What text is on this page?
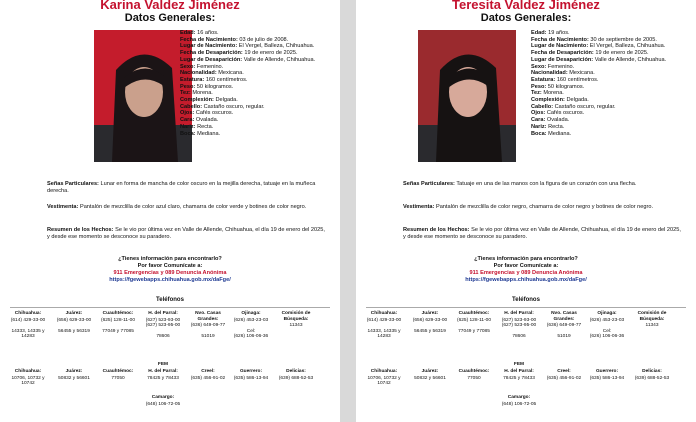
Karina Valdez Jiménez
Datos Generales:

Edad: 16 años.

Fecha de Nacimiento: 03 de julio de 2008.

Lugar de Nacimiento: El Vergel, Balleza, Chihuahua.

Fecha de Desaparición: 19 de enero de 2025.

Lugar de Desaparición: Valle de Allende, Chihuahua.

Sexo: Femenino.

Nacionalidad: Mexicana.

Estatura: 160 centímetros.

Peso: 50 kilogramos.

Tez: Morena.

Complexión: Delgada.

Cabello: Castaño oscuro, regular.

Ojos: Cafés oscuros.

Cara: Ovalada.

Nariz: Recta.

Boca: Mediana.

Señas Particulares: Lunar en forma de mancha de color oscuro en la mejilla derecha, tatuaje en la muñeca derecha.
Vestimenta: Pantalón de mezclilla de color azul claro, chamarra de color verde y botines de color negro.
Resumen de los Hechos: Se le vio por última vez en Valle de Allende, Chihuahua, el día 19 de enero del 2025, y desde ese momento se desconoce su paradero.
¿Tienes información para encontrarlo?
Por favor Comunícate a:
911 Emergencias y 089 Denuncia Anónima
https://fgewebapps.chihuahua.gob.mx/daFge/
Teléfonos
Chihuahua:
(614) 429-33-00
14333, 14335 y
14283
Juárez:
(656) 629-33-00
56455 y 56319
Cuauhtémoc:
(625) 128-11-00
77049 y 77085
H. del Parral:
(627) 523-93-00
(627) 523-95-00
78606
Nvo. Casas Grandes:
(636) 649-09-77
51019
Ojinaga:
(626) 453-23-03
Cel:
(626) 106-06-36
Comisión de Búsqueda:
11343
FEM
Chihuahua:
10706, 10732 y
10742
Juárez:
50832 y 56601
Cuauhtémoc:
77050
H. del Parral:
78425 y 78433
Creel:
(635) 456-91-02
Guerrero:
(635) 586-13-94
Delicias:
(639) 688-52-53
Camargo:
(648) 106-72-05
Teresita Valdez Jiménez
Datos Generales:

Edad: 19 años.

Fecha de Nacimiento: 30 de septiembre de 2005.

Lugar de Nacimiento: El Vergel, Balleza, Chihuahua.

Fecha de Desaparición: 19 de enero de 2025.

Lugar de Desaparición: Valle de Allende, Chihuahua.

Sexo: Femenino.

Nacionalidad: Mexicana.

Estatura: 160 centímetros.

Peso: 50 kilogramos.

Tez: Morena.

Complexión: Delgada.

Cabello: Castaño oscuro, regular.

Ojos: Cafés oscuros.

Cara: Ovalada.

Nariz: Recta.

Boca: Mediana.

Señas Particulares: Tatuaje en una de las manos con la figura de un corazón con una flecha.
Vestimenta: Pantalón de mezclilla de color negro, chamarra de color negro y botines de color negro.
Resumen de los Hechos: Se le vio por última vez en Valle de Allende, Chihuahua, el día 19 de enero del 2025, y desde ese momento se desconoce su paradero.
¿Tienes información para encontrarlo?
Por favor Comunícate a:
911 Emergencias y 089 Denuncia Anónima
https://fgewebapps.chihuahua.gob.mx/daFge/
Teléfonos
Chihuahua:
(614) 429-33-00
14333, 14335 y
14283
Juárez:
(656) 629-33-00
56455 y 56319
Cuauhtémoc:
(625) 128-11-00
77049 y 77085
H. del Parral:
(627) 523-93-00
(627) 523-95-00
78606
Nvo. Casas Grandes:
(636) 649-09-77
51019
Ojinaga:
(626) 453-23-03
Cel:
(626) 106-06-36
Comisión de Búsqueda:
11343
FEM
Chihuahua:
10706, 10732 y
10742
Juárez:
50832 y 56601
Cuauhtémoc:
77050
H. del Parral:
78425 y 78433
Creel:
(635) 456-91-02
Guerrero:
(635) 586-13-94
Delicias:
(639) 688-52-53
Camargo:
(648) 106-72-05
